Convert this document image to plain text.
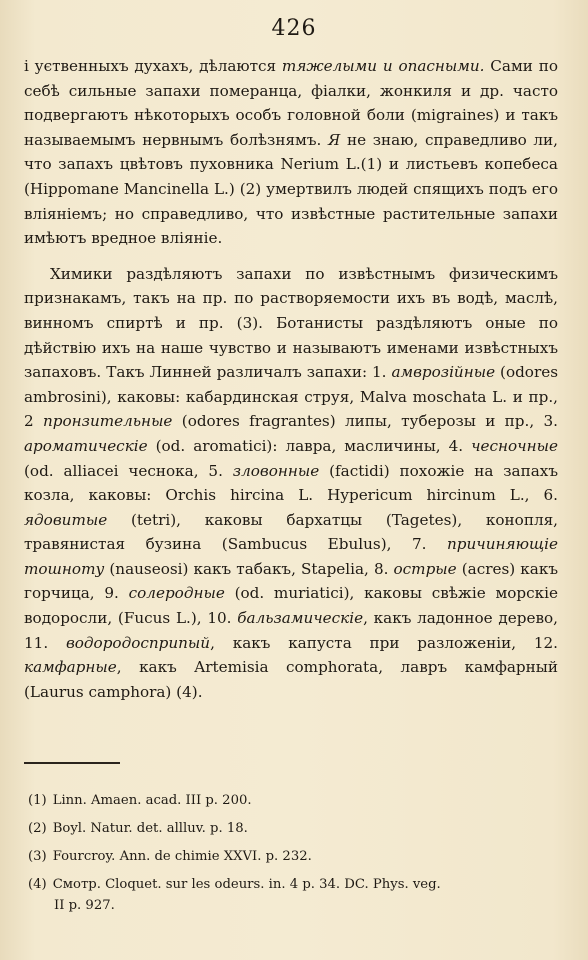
426

і уєтвенныхъ духахъ, дѣлаются тяжелыми и опасными. Сами по себѣ сильные запахи померанца, фіалки, жонкиля и др. часто подвергаютъ нѣкоторыхъ особъ головной боли (migraines) и такъ называемымъ нервнымъ болѣзнямъ. Я не знаю, справедливо ли, что запахъ цвѣтовъ пуховника Nerium L.(1) и листьевъ копебеса (Hippomane Mancinella L.) (2) умертвилъ людей спящихъ подъ его вліяніемъ; но справедливо, что извѣстные растительные запахи имѣютъ вредное вліяніе.

Химики раздѣляютъ запахи по извѣстнымъ физическимъ признакамъ, такъ на пр. по растворяемости ихъ въ водѣ, маслѣ, винномъ спиртѣ и пр. (3). Ботанисты раздѣляютъ оные по дѣйствію ихъ на наше чувство и называютъ именами извѣстныхъ запаховъ. Такъ Линней различалъ запахи: 1. амврозійные (odores ambrosini), каковы: кабардинская струя, Malva moschata L. и пр., 2 пронзительные (odores fragrantes) липы, туберозы и пр., 3. ароматическіе (od. aromatici): лавра, масличины, 4. чесночные (od. alliacei чеснока, 5. зловонные (factidi) похожіе на запахъ козла, каковы: Orchis hircina L. Hypericum hircinum L., 6. ядовитые (tetri), каковы бархатцы (Tagetes), конопля, травянистая бузина (Sambucus Ebulus), 7. причиняющіе тошноту (nauseosi) какъ табакъ, Stapelia, 8. острые (acres) какъ горчица, 9. солеродные (od. muriatici), каковы свѣжіе морскіе водоросли, (Fucus L.), 10. бальзамическіе, какъ ладонное дерево, 11. водородосприпый, какъ капуста при разложеніи, 12. камфарные, какъ Artemisia comphorata, лавръ камфарный (Laurus camphora) (4).

(1) Linn. Amaen. acad. III p. 200.

(2) Boyl. Natur. det. allluv. p. 18.

(3) Fourcroy. Ann. de chimie XXVI. p. 232.

(4) Смотр. Cloquet. sur les odeurs. in. 4 p. 34. DC. Phys. veg.
II p. 927.
